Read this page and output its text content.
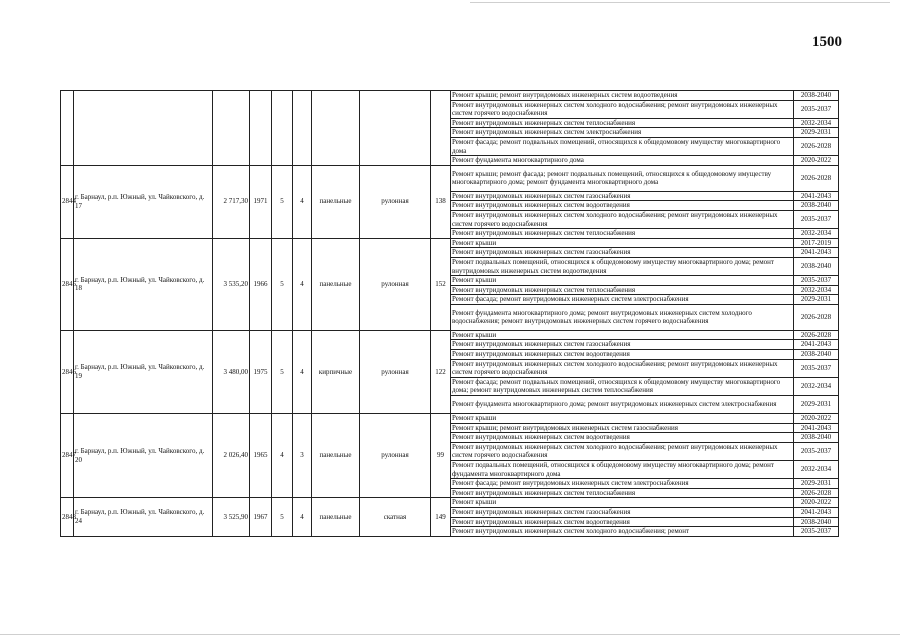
1500
									Ремонт крыши; ремонт внутридомовых инженерных систем водоотведения	2038-2040
									Ремонт внутридомовых инженерных систем холодного водоснабжения; ремонт внутридомовых инженерных систем горячего водоснабжения	2035-2037
									Ремонт внутридомовых инженерных систем теплоснабжения	2032-2034
									Ремонт внутридомовых инженерных систем электроснабжения	2029-2031
									Ремонт фасада; ремонт подвальных помещений, относящихся к общедомовому имуществу многоквартирного дома	2026-2028
									Ремонт фундамента многоквартирного дома	2020-2022
2844	г. Барнаул, р.п. Южный, ул. Чайковского, д. 17	2 717,30	1971	5	4	панельные	рулонная	138	Ремонт крыши; ремонт фасада; ремонт подвальных помещений, относящихся к общедомовому имуществу многоквартирного дома; ремонт фундамента многоквартирного дома	2026-2028
									Ремонт внутридомовых инженерных систем газоснабжения	2041-2043
									Ремонт внутридомовых инженерных систем водоотведения	2038-2040
									Ремонт внутридомовых инженерных систем холодного водоснабжения; ремонт внутридомовых инженерных систем горячего водоснабжения	2035-2037
									Ремонт внутридомовых инженерных систем теплоснабжения	2032-2034
2845	г. Барнаул, р.п. Южный, ул. Чайковского, д. 18	3 535,20	1966	5	4	панельные	рулонная	152	Ремонт крыши	2017-2019
									Ремонт внутридомовых инженерных систем газоснабжения	2041-2043
									Ремонт подвальных помещений, относящихся к общедомовому имуществу многоквартирного дома; ремонт внутридомовых инженерных систем водоотведения	2038-2040
									Ремонт крыши	2035-2037
									Ремонт внутридомовых инженерных систем теплоснабжения	2032-2034
									Ремонт фасада; ремонт внутридомовых инженерных систем электроснабжения	2029-2031
									Ремонт фундамента многоквартирного дома; ремонт внутридомовых инженерных систем холодного водоснабжения; ремонт внутридомовых инженерных систем горячего водоснабжения	2026-2028
2846	г. Барнаул, р.п. Южный, ул. Чайковского, д. 19	3 480,00	1975	5	4	кирпичные	рулонная	122	Ремонт крыши	2026-2028
									Ремонт внутридомовых инженерных систем газоснабжения	2041-2043
									Ремонт внутридомовых инженерных систем водоотведения	2038-2040
									Ремонт внутридомовых инженерных систем холодного водоснабжения; ремонт внутридомовых инженерных систем горячего водоснабжения	2035-2037
									Ремонт фасада; ремонт подвальных помещений, относящихся к общедомовому имуществу многоквартирного дома; ремонт внутридомовых инженерных систем теплоснабжения	2032-2034
									Ремонт фундамента многоквартирного дома; ремонт внутридомовых инженерных систем электроснабжения	2029-2031
2847	г. Барнаул, р.п. Южный, ул. Чайковского, д. 20	2 026,40	1965	4	3	панельные	рулонная	99	Ремонт крыши	2020-2022
									Ремонт крыши; ремонт внутридомовых инженерных систем газоснабжения	2041-2043
									Ремонт внутридомовых инженерных систем водоотведения	2038-2040
									Ремонт внутридомовых инженерных систем холодного водоснабжения; ремонт внутридомовых инженерных систем горячего водоснабжения	2035-2037
									Ремонт подвальных помещений, относящихся к общедомовому имуществу многоквартирного дома; ремонт фундамента многоквартирного дома	2032-2034
									Ремонт фасада; ремонт внутридомовых инженерных систем электроснабжения	2029-2031
									Ремонт внутридомовых инженерных систем теплоснабжения	2026-2028
2848	г. Барнаул, р.п. Южный, ул. Чайковского, д. 24	3 525,90	1967	5	4	панельные	скатная	149	Ремонт крыши	2020-2022
									Ремонт внутридомовых инженерных систем газоснабжения	2041-2043
									Ремонт внутридомовых инженерных систем водоотведения	2038-2040
									Ремонт внутридомовых инженерных систем холодного водоснабжения; ремонт	2035-2037
